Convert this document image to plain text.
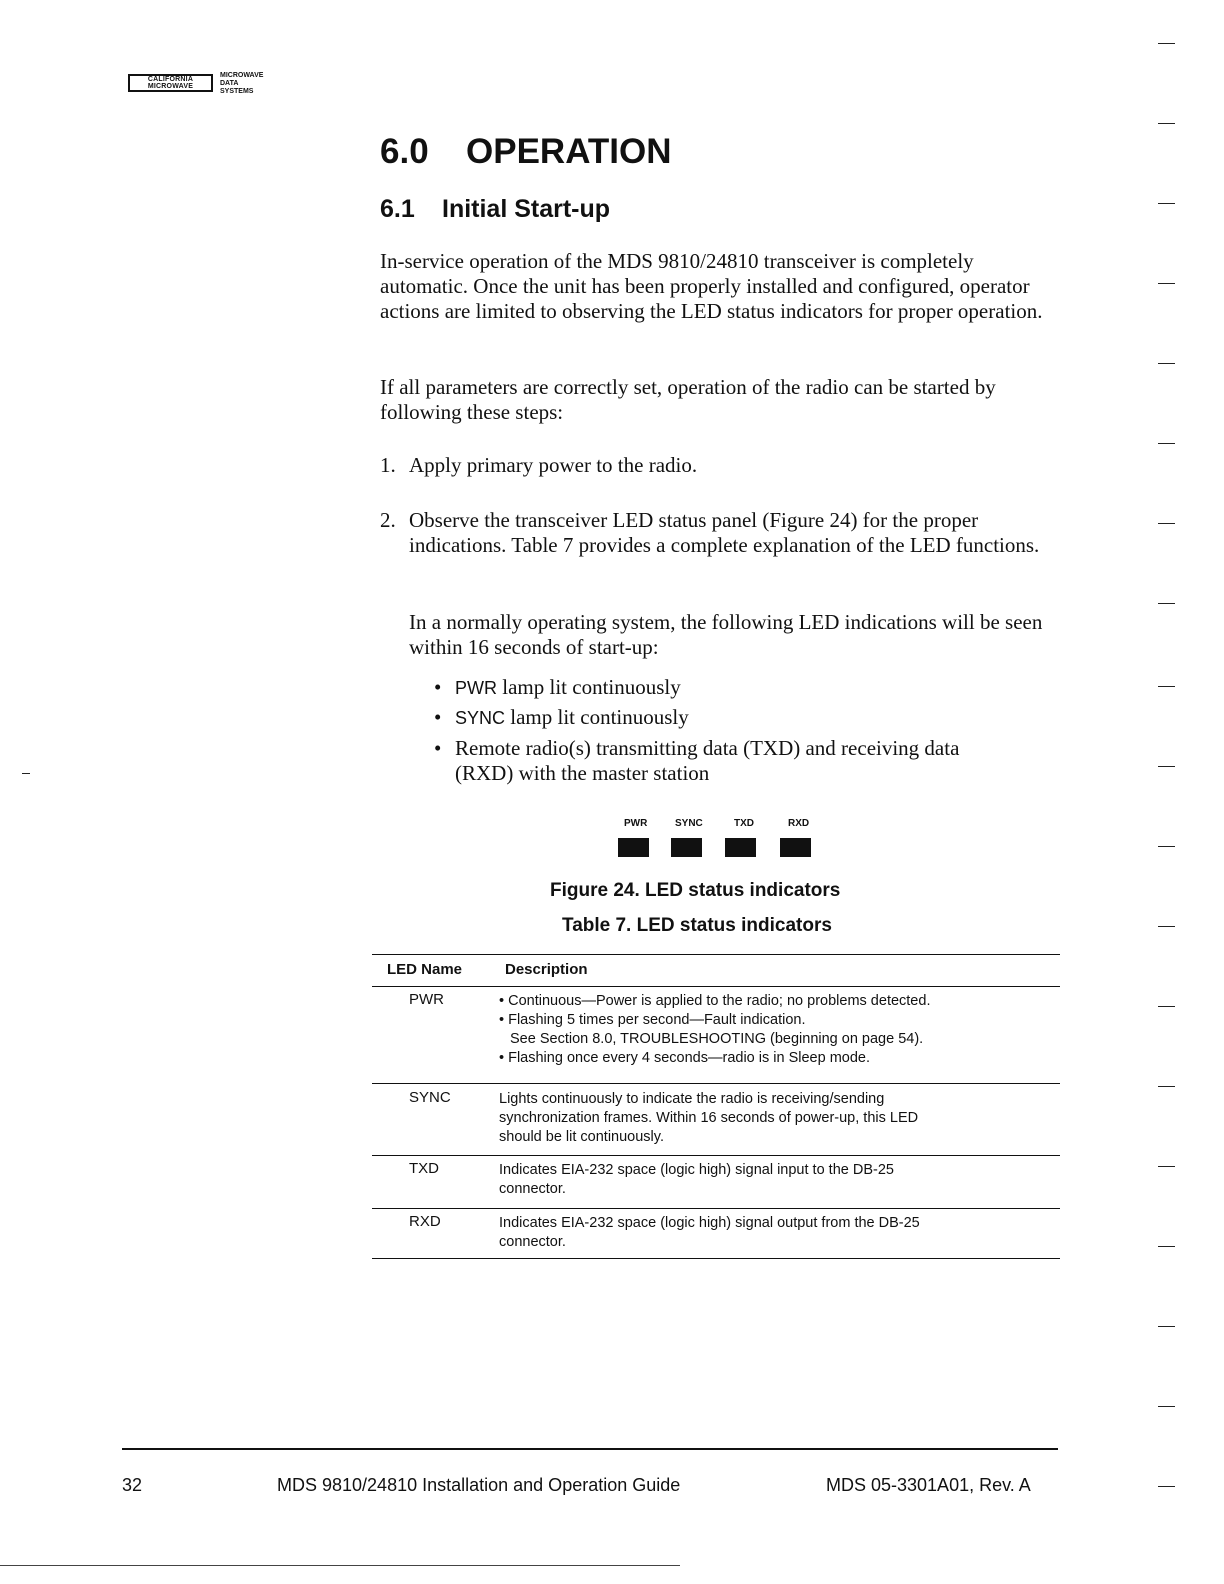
CALIFORNIA
MICROWAVE
MICROWAVE
DATA
SYSTEMS
6.0 OPERATION
6.1 Initial Start-up

In-service operation of the MDS 9810/24810 transceiver is completely automatic. Once the unit has been properly installed and configured, operator actions are limited to observing the LED status indicators for proper operation.

If all parameters are correctly set, operation of the radio can be started by following these steps:

1. Apply primary power to the radio.
2. Observe the transceiver LED status panel (Figure 24) for the proper indications. Table 7 provides a complete explanation of the LED functions.

In a normally operating system, the following LED indications will be seen within 16 seconds of start-up:

• PWR lamp lit continuously
• SYNC lamp lit continuously
• Remote radio(s) transmitting data (TXD) and receiving data
(RXD) with the master station
PWR	SYNC	TXD	RXD
Figure 24. LED status indicators
Table 7. LED status indicators
LED Name	Description
PWR	• Continuous—Power is applied to the radio; no problems detected.
• Flashing 5 times per second—Fault indication.
See Section 8.0, TROUBLESHOOTING (beginning on page 54).
• Flashing once every 4 seconds—radio is in Sleep mode.
SYNC	Lights continuously to indicate the radio is receiving/sending
synchronization frames. Within 16 seconds of power-up, this LED
should be lit continuously.
TXD	Indicates EIA-232 space (logic high) signal input to the DB-25
connector.
RXD	Indicates EIA-232 space (logic high) signal output from the DB-25
connector.
32	MDS 9810/24810 Installation and Operation Guide	MDS 05-3301A01, Rev. A
